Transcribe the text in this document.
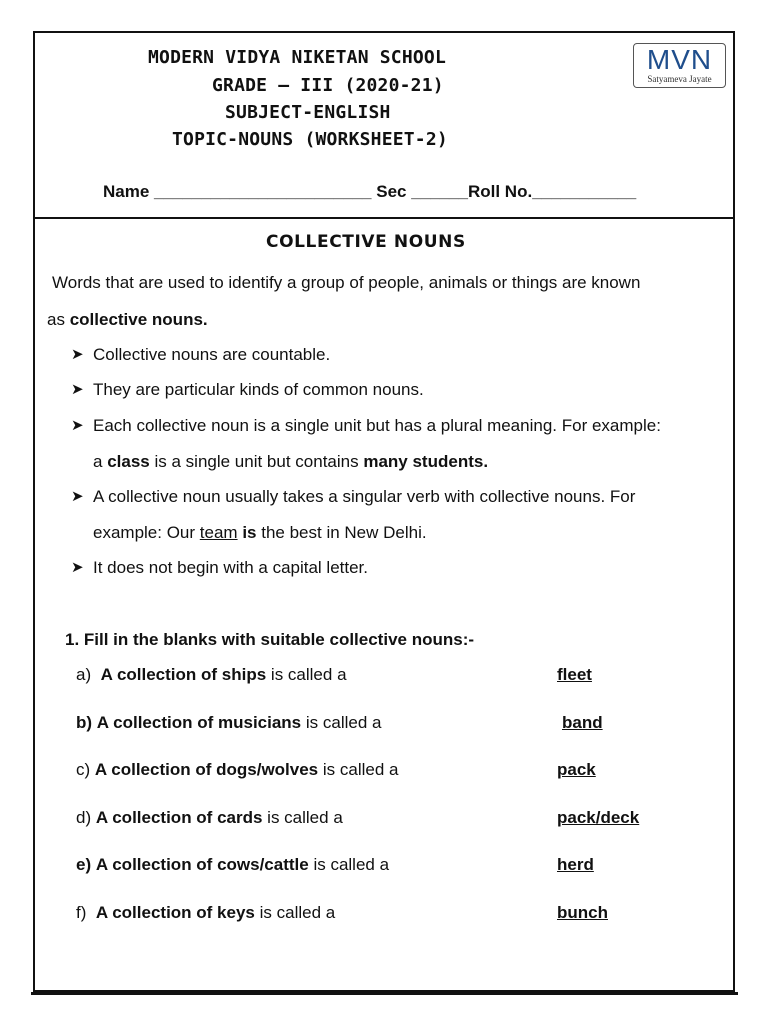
MODERN VIDYA NIKETAN SCHOOL
GRADE – III (2020-21)
SUBJECT-ENGLISH
TOPIC-NOUNS (WORKSHEET-2)
MVN
Satyameva Jayate
Name _______________________ Sec ______Roll No.___________
COLLECTIVE NOUNS
Words that are used to identify a group of people, animals or things are known
as collective nouns.
➤ Collective nouns are countable.
➤ They are particular kinds of common nouns.
➤ Each collective noun is a single unit but has a plural meaning. For example:
a class is a single unit but contains many students.
➤ A collective noun usually takes a singular verb with collective nouns. For
example: Our team is the best in New Delhi.
➤ It does not begin with a capital letter.
1. Fill in the blanks with suitable collective nouns:-
a) A collection of ships is called a	fleet
b) A collection of musicians is called a	band
c) A collection of dogs/wolves is called a	pack
d) A collection of cards is called a	pack/deck
e) A collection of cows/cattle is called a	herd
f) A collection of keys is called a	bunch
